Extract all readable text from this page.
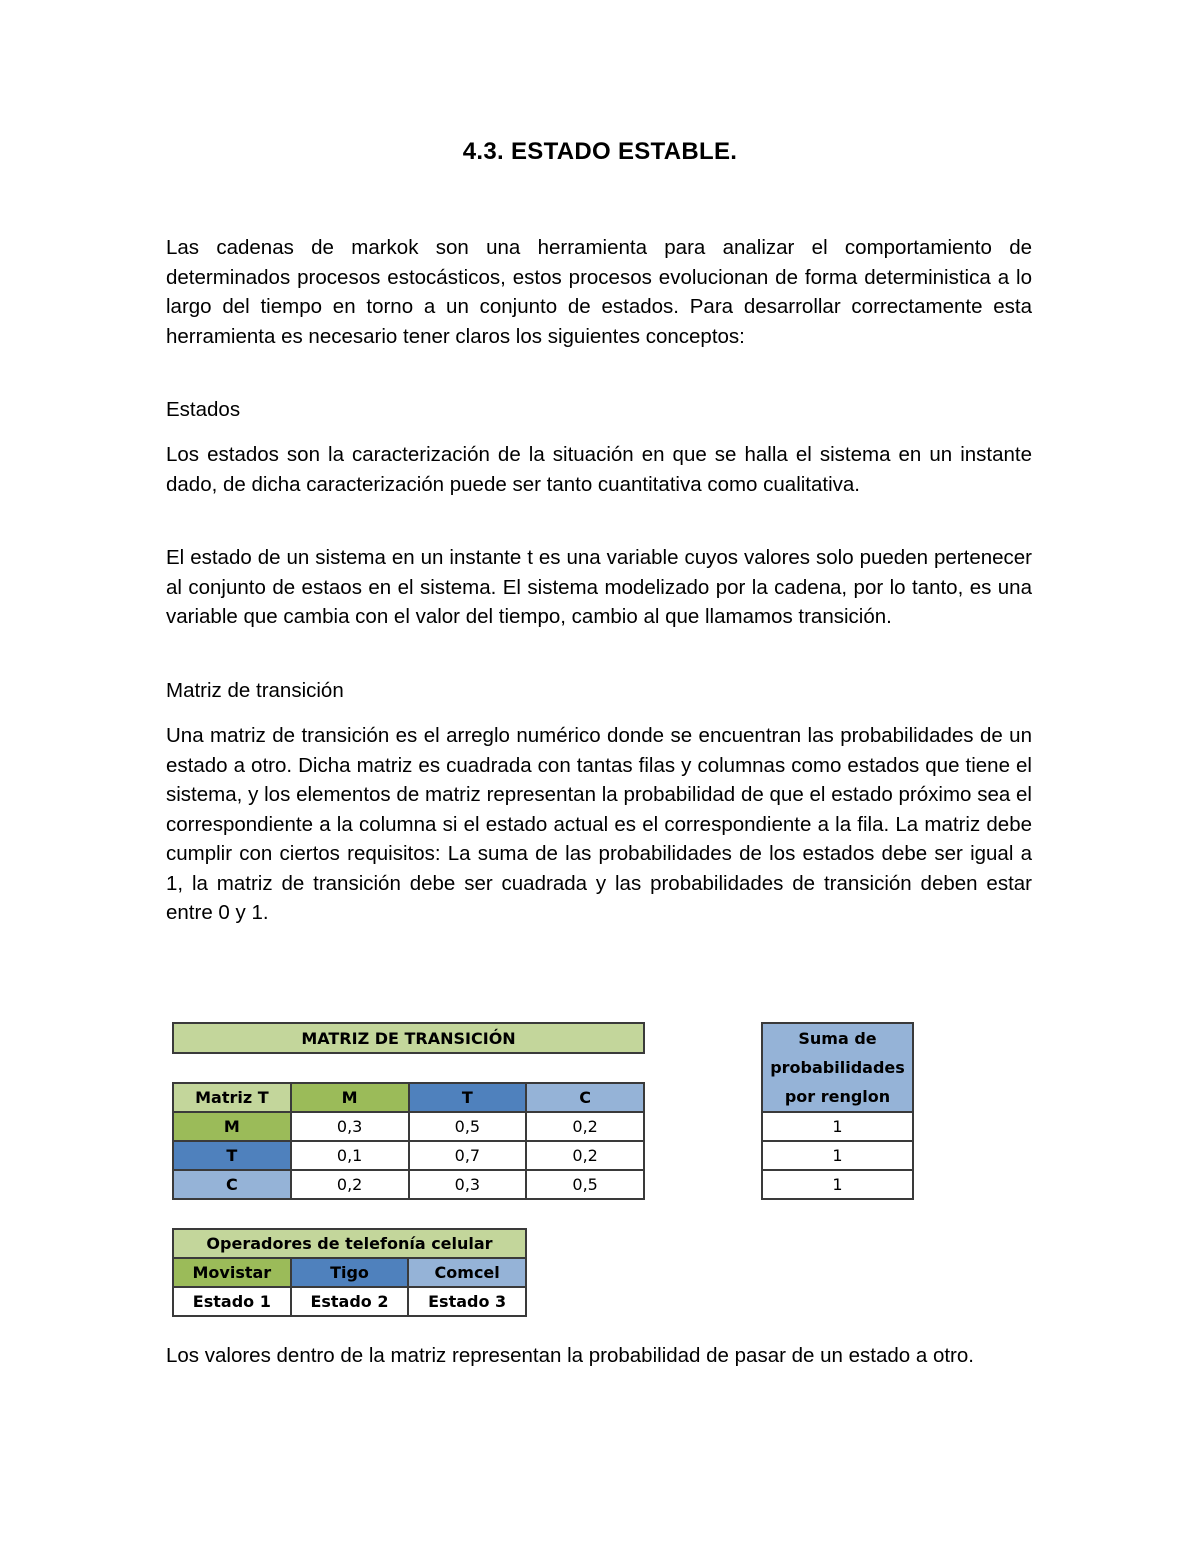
4.3. ESTADO ESTABLE.
Las cadenas de markok son una herramienta para analizar el comportamiento de determinados procesos estocásticos, estos procesos evolucionan de forma deterministica a lo largo del tiempo en torno a un conjunto de estados. Para desarrollar correctamente esta herramienta es necesario tener claros los siguientes conceptos:
Estados
Los estados son la caracterización de la situación en que se halla el sistema en un instante dado, de dicha caracterización puede ser tanto cuantitativa como cualitativa.
El estado de un sistema en un instante t es una variable cuyos valores solo pueden pertenecer al conjunto de estaos en el sistema. El sistema modelizado por la cadena, por lo tanto, es una variable que cambia con el valor del tiempo, cambio al que llamamos transición.
Matriz de transición
Una matriz de transición es el arreglo numérico donde se encuentran las probabilidades de un estado a otro. Dicha matriz es cuadrada con tantas filas y columnas como estados que tiene el sistema, y los elementos de matriz representan la probabilidad de que el estado próximo sea el correspondiente a la columna si el estado actual es el correspondiente a la fila. La matriz debe cumplir con ciertos requisitos: La suma de las probabilidades de los estados debe ser igual a 1, la matriz de transición debe ser cuadrada y las probabilidades de transición deben estar entre 0 y 1.
MATRIZ DE TRANSICIÓN
Matriz T	M	T	C
M	0,3	0,5	0,2
T	0,1	0,7	0,2
C	0,2	0,3	0,5
Suma de
probabilidades
por renglon
1
1
1
Operadores de telefonía celular		
Movistar	Tigo	Comcel
Estado 1	Estado 2	Estado 3
Los valores dentro de la matriz representan la probabilidad de pasar de un estado a otro.
